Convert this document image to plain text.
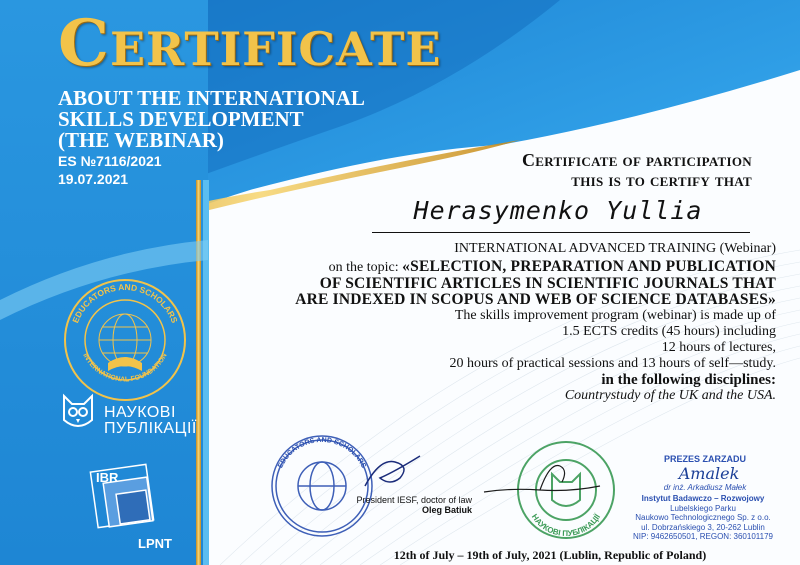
CERTIFICATE
ABOUT THE INTERNATIONAL
SKILLS DEVELOPMENT
(THE WEBINAR)
ES №7116/2021
19.07.2021
EDUCATORS AND SCHOLARS
INTERNATIONAL FOUNDATION
НАУКОВІ
ПУБЛІКАЦІЇ
IBR
LPNT
Certificate of participation
this is to certify that
Herasymenko Yullia
INTERNATIONAL ADVANCED TRAINING (Webinar)
on the topic: «SELECTION, PREPARATION AND PUBLICATION
OF SCIENTIFIC ARTICLES IN SCIENTIFIC JOURNALS THAT
ARE INDEXED IN SCOPUS AND WEB OF SCIENCE DATABASES»
The skills improvement program (webinar) is made up of
1.5 ECTS credits (45 hours) including
12 hours of lectures,
20 hours of practical sessions and 13 hours of self—study.
in the following disciplines:
Countrystudy of the UK and the USA.
EDUCATORS AND SCHOLARS
President IESF, doctor of law
Oleg Batiuk
НАУКОВІ ПУБЛІКАЦІЇ
PREZES ZARZADU
Amalek
dr inż. Arkadiusz Małek
Instytut Badawczo – Rozwojowy
Lubelskiego Parku
Naukowo Technologicznego Sp. z o.o.
ul. Dobrzańskiego 3, 20-262 Lublin
NIP: 9462650501, REGON: 360101179
12th of July – 19th of July, 2021 (Lublin, Republic of Poland)
